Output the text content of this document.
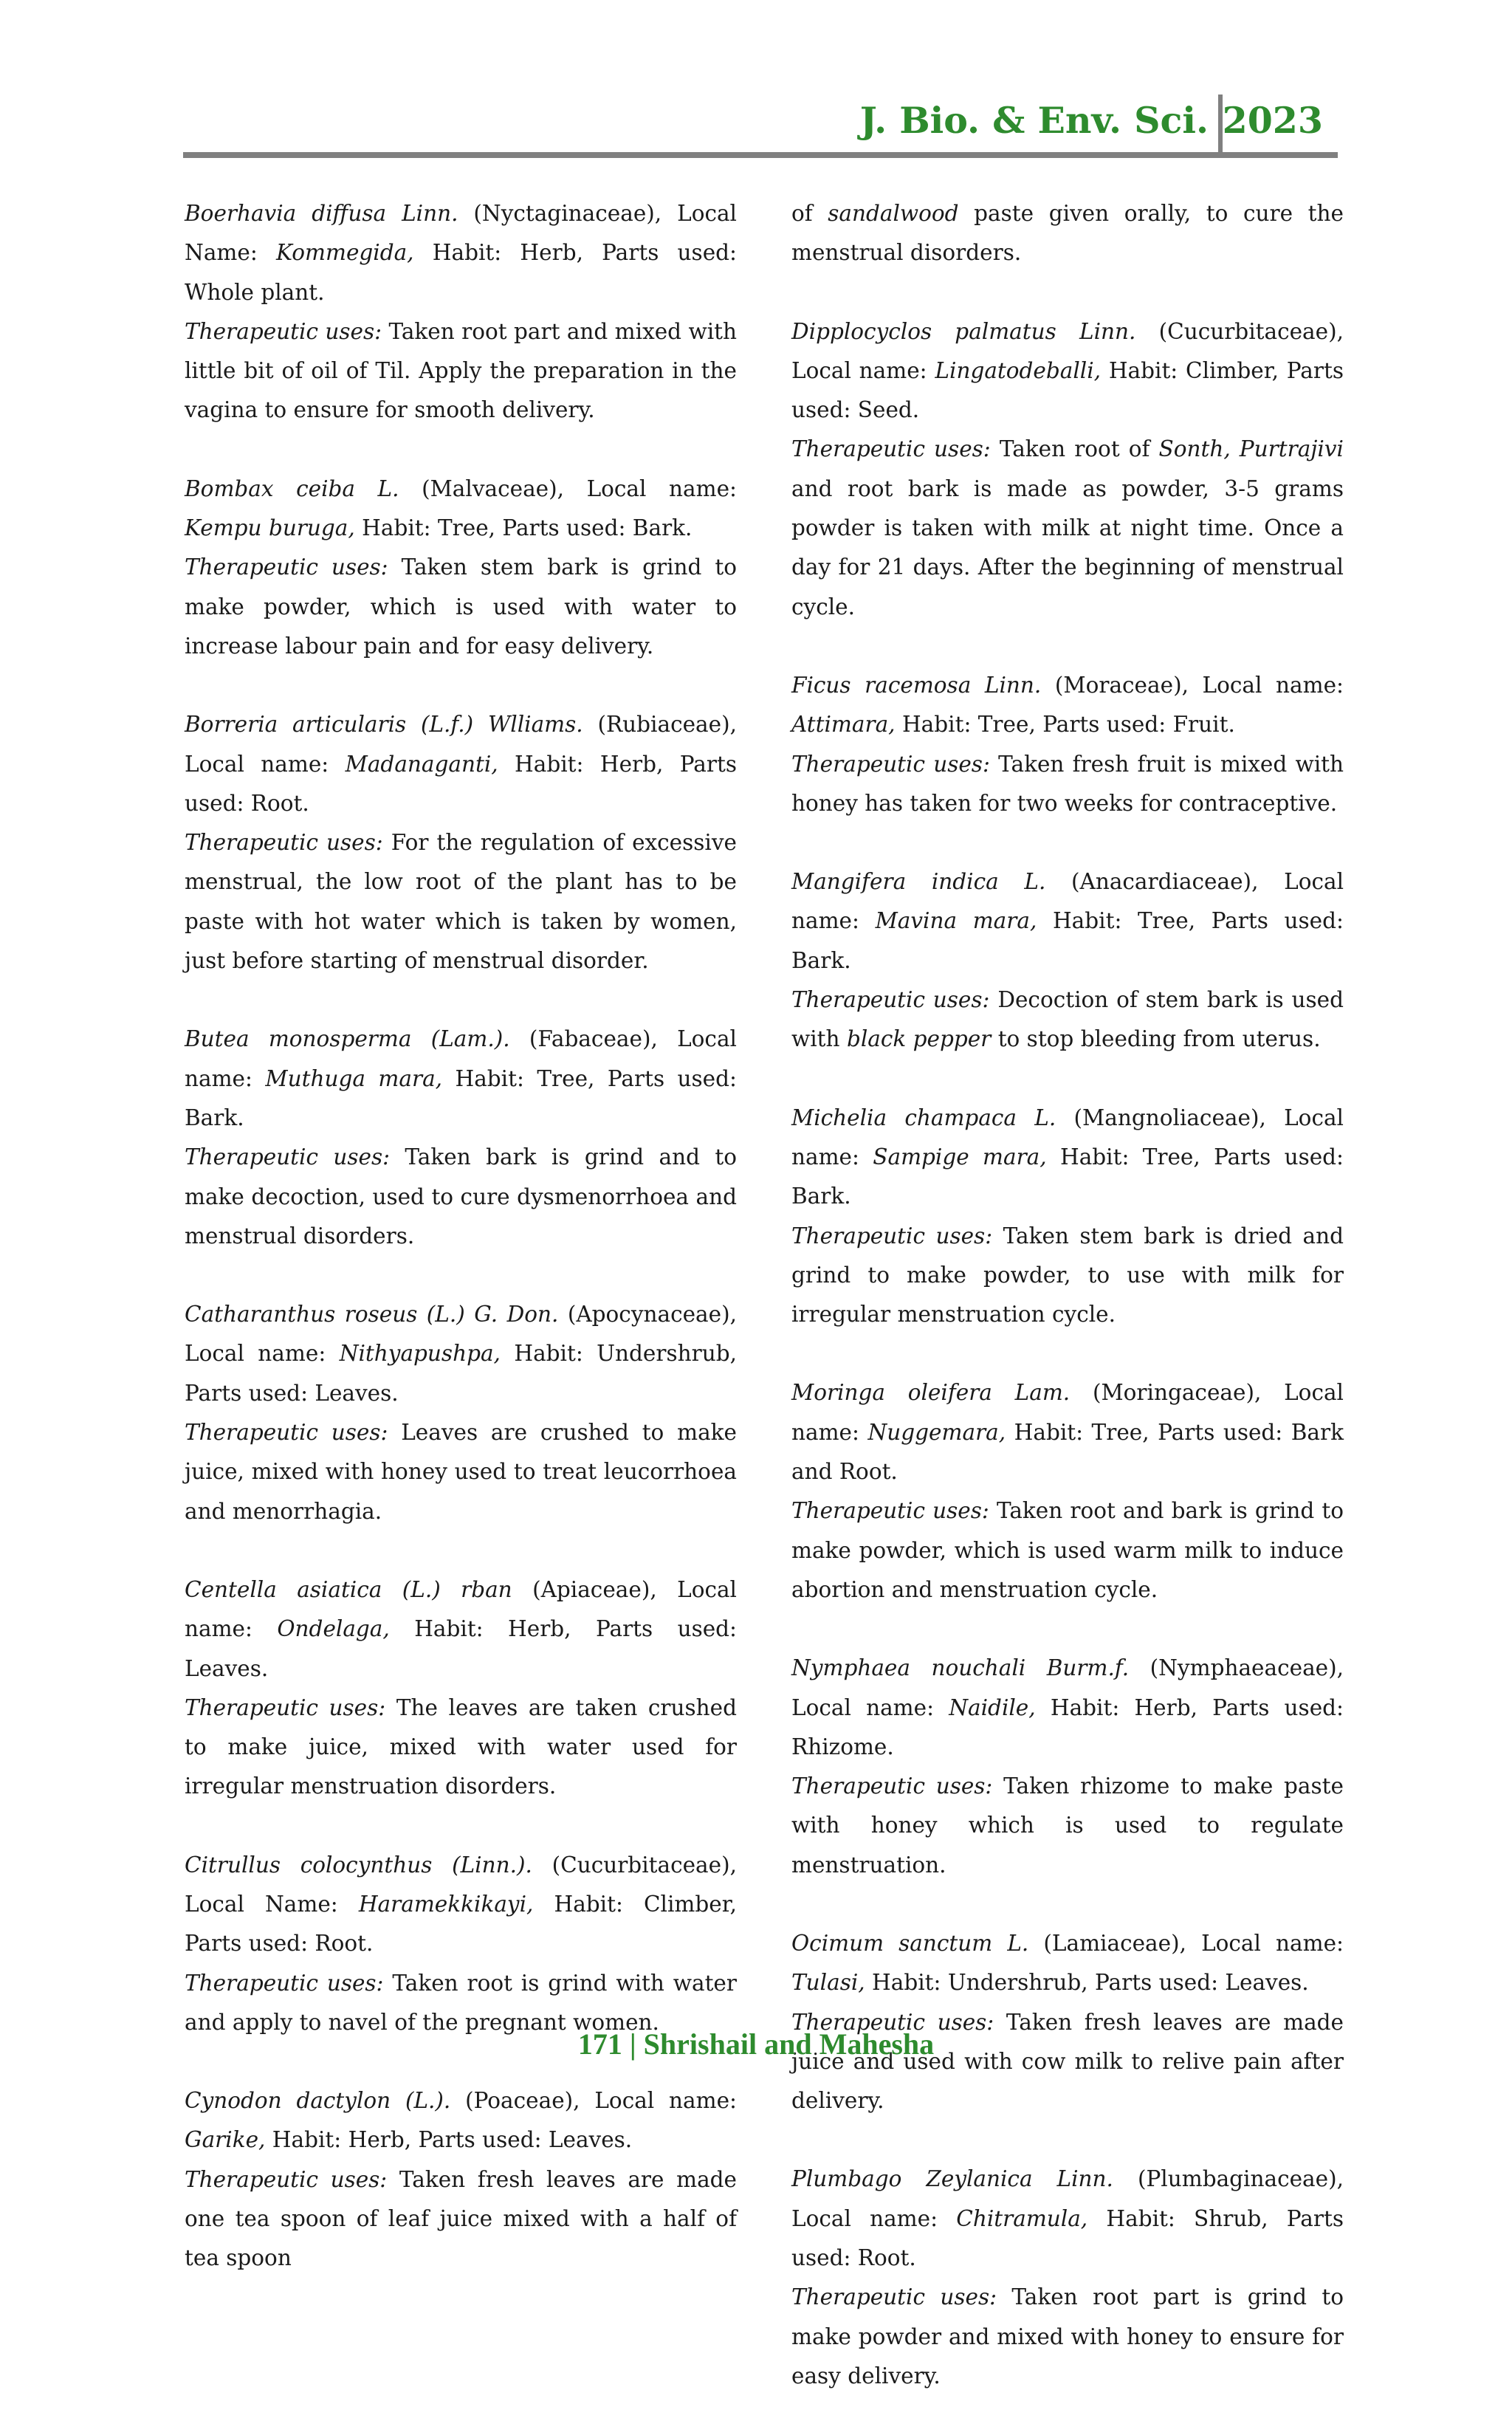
J. Bio. & Env. Sci. 2023

Boerhavia diffusa Linn. (Nyctaginaceae), Local Name: Kommegida, Habit: Herb, Parts used: Whole plant.

Therapeutic uses: Taken root part and mixed with little bit of oil of Til. Apply the preparation in the vagina to ensure for smooth delivery.

Bombax ceiba L. (Malvaceae), Local name: Kempu buruga, Habit: Tree, Parts used: Bark.

Therapeutic uses: Taken stem bark is grind to make powder, which is used with water to increase labour pain and for easy delivery.

Borreria articularis (L.f.) Wlliams. (Rubiaceae), Local name: Madanaganti, Habit: Herb, Parts used: Root.

Therapeutic uses: For the regulation of excessive menstrual, the low root of the plant has to be paste with hot water which is taken by women, just before starting of menstrual disorder.

Butea monosperma (Lam.). (Fabaceae), Local name: Muthuga mara, Habit: Tree, Parts used: Bark.

Therapeutic uses: Taken bark is grind and to make decoction, used to cure dysmenorrhoea and menstrual disorders.

Catharanthus roseus (L.) G. Don. (Apocynaceae), Local name: Nithyapushpa, Habit: Undershrub, Parts used: Leaves.

Therapeutic uses: Leaves are crushed to make juice, mixed with honey used to treat leucorrhoea and menorrhagia.

Centella asiatica (L.) rban (Apiaceae), Local name: Ondelaga, Habit: Herb, Parts used: Leaves.

Therapeutic uses: The leaves are taken crushed to make juice, mixed with water used for irregular menstruation disorders.

Citrullus colocynthus (Linn.). (Cucurbitaceae), Local Name: Haramekkikayi, Habit: Climber, Parts used: Root.

Therapeutic uses: Taken root is grind with water and apply to navel of the pregnant women.

Cynodon dactylon (L.). (Poaceae), Local name: Garike, Habit: Herb, Parts used: Leaves.

Therapeutic uses: Taken fresh leaves are made one tea spoon of leaf juice mixed with a half of tea spoon

of sandalwood paste given orally, to cure the menstrual disorders.

Dipplocyclos palmatus Linn. (Cucurbitaceae), Local name: Lingatodeballi, Habit: Climber, Parts used: Seed.

Therapeutic uses: Taken root of Sonth, Purtrajivi and root bark is made as powder, 3-5 grams powder is taken with milk at night time. Once a day for 21 days. After the beginning of menstrual cycle.

Ficus racemosa Linn. (Moraceae), Local name: Attimara, Habit: Tree, Parts used: Fruit.

Therapeutic uses: Taken fresh fruit is mixed with honey has taken for two weeks for contraceptive.

Mangifera indica L. (Anacardiaceae), Local name: Mavina mara, Habit: Tree, Parts used: Bark.

Therapeutic uses: Decoction of stem bark is used with black pepper to stop bleeding from uterus.

Michelia champaca L. (Mangnoliaceae), Local name: Sampige mara, Habit: Tree, Parts used: Bark.

Therapeutic uses: Taken stem bark is dried and grind to make powder, to use with milk for irregular menstruation cycle.

Moringa oleifera Lam. (Moringaceae), Local name: Nuggemara, Habit: Tree, Parts used: Bark and Root.

Therapeutic uses: Taken root and bark is grind to make powder, which is used warm milk to induce abortion and menstruation cycle.

Nymphaea nouchali Burm.f. (Nymphaeaceae), Local name: Naidile, Habit: Herb, Parts used: Rhizome.

Therapeutic uses: Taken rhizome to make paste with honey which is used to regulate menstruation.

Ocimum sanctum L. (Lamiaceae), Local name: Tulasi, Habit: Undershrub, Parts used: Leaves.

Therapeutic uses: Taken fresh leaves are made juice and used with cow milk to relive pain after delivery.

Plumbago Zeylanica Linn. (Plumbaginaceae), Local name: Chitramula, Habit: Shrub, Parts used: Root.

Therapeutic uses: Taken root part is grind to make powder and mixed with honey to ensure for easy delivery.

171 | Shrishail and Mahesha
